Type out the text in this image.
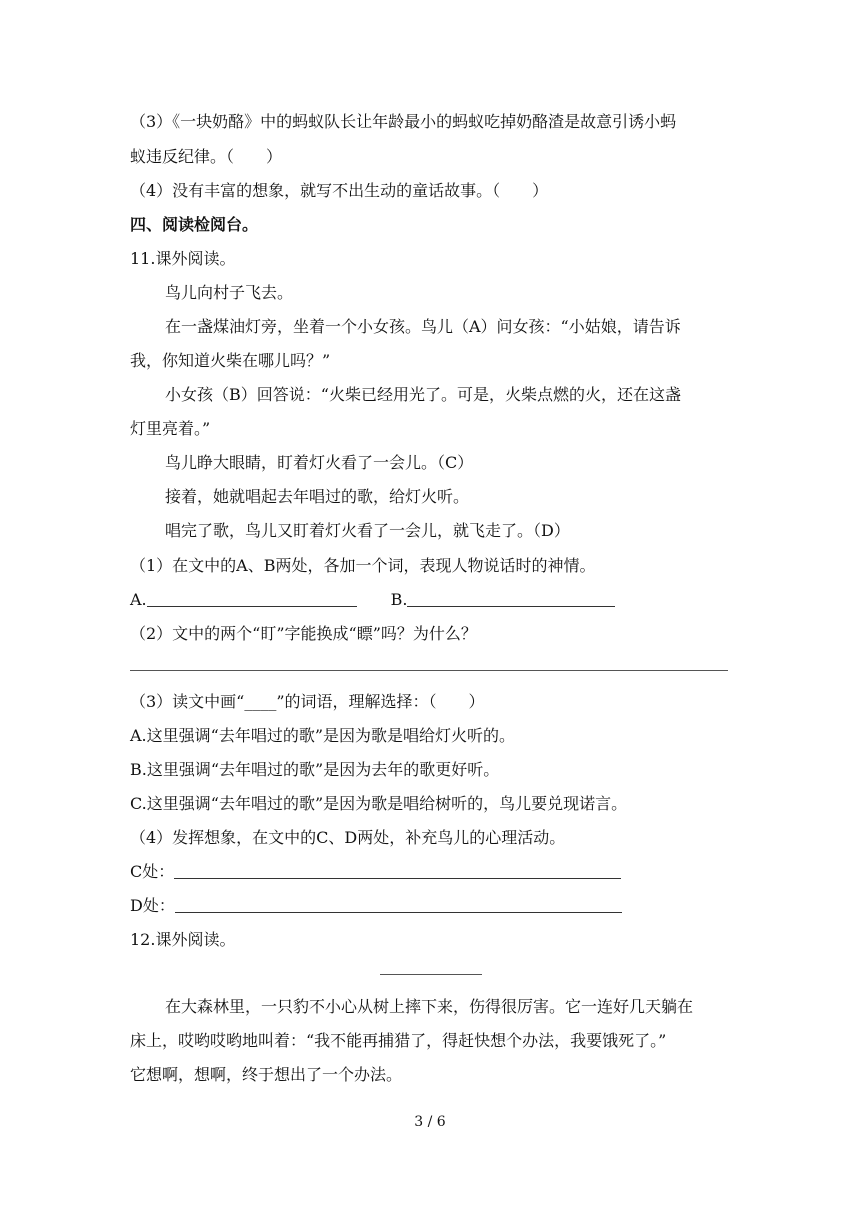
（3）《一块奶酪》中的蚂蚁队长让年龄最小的蚂蚁吃掉奶酪渣是故意引诱小蚂
蚁违反纪律。（　　）
（4）没有丰富的想象，就写不出生动的童话故事。（　　）
四、阅读检阅台。
11.课外阅读。
鸟儿向村子飞去。
在一盏煤油灯旁，坐着一个小女孩。鸟儿（A）问女孩：“小姑娘，请告诉
我，你知道火柴在哪儿吗？”
小女孩（B）回答说：“火柴已经用光了。可是，火柴点燃的火，还在这盏
灯里亮着。”
鸟儿睁大眼睛，盯着灯火看了一会儿。（C）
接着，她就唱起去年唱过的歌，给灯火听。
唱完了歌，鸟儿又盯着灯火看了一会儿，就飞走了。（D）
（1）在文中的A、B两处，各加一个词，表现人物说话时的神情。
A.	B.
（2）文中的两个“盯”字能换成“瞟”吗？为什么？
（3）读文中画“____”的词语，理解选择：（　　）
A.这里强调“去年唱过的歌”是因为歌是唱给灯火听的。
B.这里强调“去年唱过的歌”是因为去年的歌更好听。
C.这里强调“去年唱过的歌”是因为歌是唱给树听的，鸟儿要兑现诺言。
（4）发挥想象，在文中的C、D两处，补充鸟儿的心理活动。
C处：
D处：
12.课外阅读。
在大森林里，一只豹不小心从树上摔下来，伤得很厉害。它一连好几天躺在
床上，哎哟哎哟地叫着：“我不能再捕猎了，得赶快想个办法，我要饿死了。”
它想啊，想啊，终于想出了一个办法。
3 / 6
